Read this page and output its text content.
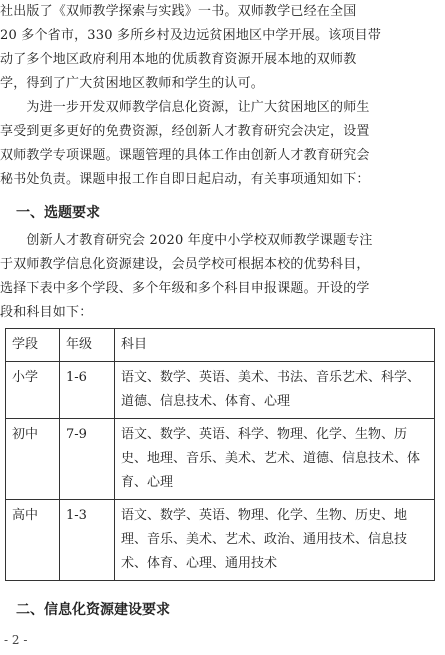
社出版了《双师教学探索与实践》一书。双师教学已经在全国
20 多个省市，330 多所乡村及边远贫困地区中学开展。该项目带
动了多个地区政府利用本地的优质教育资源开展本地的双师教
学，得到了广大贫困地区教师和学生的认可。
　　为进一步开发双师教学信息化资源，让广大贫困地区的师生
享受到更多更好的免费资源，经创新人才教育研究会决定，设置
双师教学专项课题。课题管理的具体工作由创新人才教育研究会
秘书处负责。课题申报工作自即日起启动，有关事项通知如下：
一、选题要求
　　创新人才教育研究会 2020 年度中小学校双师教学课题专注
于双师教学信息化资源建设，会员学校可根据本校的优势科目，
选择下表中多个学段、多个年级和多个科目申报课题。开设的学
段和科目如下：
学段	年级	科目
小学	1-6	语文、数学、英语、美术、书法、音乐艺术、科学、道德、信息技术、体育、心理
初中	7-9	语文、数学、英语、科学、物理、化学、生物、历史、地理、音乐、美术、艺术、道德、信息技术、体育、心理
高中	1-3	语文、数学、英语、物理、化学、生物、历史、地理、音乐、美术、艺术、政治、通用技术、信息技术、体育、心理、通用技术
二、信息化资源建设要求
- 2 -
